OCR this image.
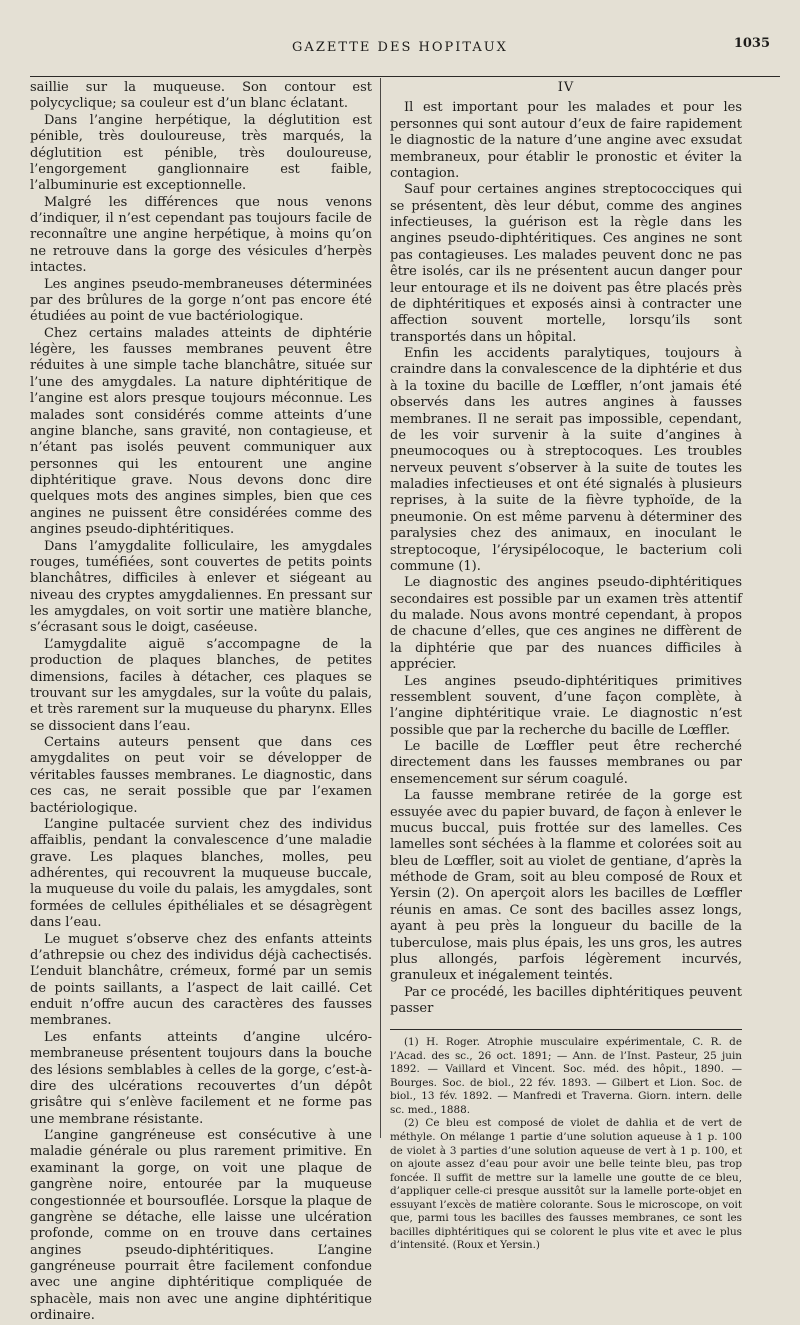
GAZETTE DES HOPITAUX	1035

saillie sur la muqueuse. Son contour est polycyclique; sa couleur est d’un blanc éclatant.

Dans l’angine herpétique, la déglutition est pénible, très douloureuse, très marqués, la déglutition est pénible, très douloureuse, l’engorgement ganglionnaire est faible, l’albuminurie est exceptionnelle.

Malgré les différences que nous venons d’indiquer, il n’est cependant pas toujours facile de reconnaître une angine herpétique, à moins qu’on ne retrouve dans la gorge des vésicules d’herpès intactes.

Les angines pseudo-membraneuses déterminées par des brûlures de la gorge n’ont pas encore été étudiées au point de vue bactériologique.

Chez certains malades atteints de diphtérie légère, les fausses membranes peuvent être réduites à une simple tache blanchâtre, située sur l’une des amygdales. La nature diphtéritique de l’angine est alors presque toujours méconnue. Les malades sont considérés comme atteints d’une angine blanche, sans gravité, non contagieuse, et n’étant pas isolés peuvent communiquer aux personnes qui les entourent une angine diphtéritique grave. Nous devons donc dire quelques mots des angines simples, bien que ces angines ne puissent être considérées comme des angines pseudo-diphtéritiques.

Dans l’amygdalite folliculaire, les amygdales rouges, tuméfiées, sont couvertes de petits points blanchâtres, difficiles à enlever et siégeant au niveau des cryptes amygdaliennes. En pressant sur les amygdales, on voit sortir une matière blanche, s’écrasant sous le doigt, caséeuse.

L’amygdalite aiguë s’accompagne de la production de plaques blanches, de petites dimensions, faciles à détacher, ces plaques se trouvant sur les amygdales, sur la voûte du palais, et très rarement sur la muqueuse du pharynx. Elles se dissocient dans l’eau.

Certains auteurs pensent que dans ces amygdalites on peut voir se développer de véritables fausses membranes. Le diagnostic, dans ces cas, ne serait possible que par l’examen bactériologique.

L’angine pultacée survient chez des individus affaiblis, pendant la convalescence d’une maladie grave. Les plaques blanches, molles, peu adhérentes, qui recouvrent la muqueuse buccale, la muqueuse du voile du palais, les amygdales, sont formées de cellules épithéliales et se désagrègent dans l’eau.

Le muguet s’observe chez des enfants atteints d’athrepsie ou chez des individus déjà cachectisés. L’enduit blanchâtre, crémeux, formé par un semis de points saillants, a l’aspect de lait caillé. Cet enduit n’offre aucun des caractères des fausses membranes.

Les enfants atteints d’angine ulcéro-membraneuse présentent toujours dans la bouche des lésions semblables à celles de la gorge, c’est-à-dire des ulcérations recouvertes d’un dépôt grisâtre qui s’enlève facilement et ne forme pas une membrane résistante.

L’angine gangréneuse est consécutive à une maladie générale ou plus rarement primitive. En examinant la gorge, on voit une plaque de gangrène noire, entourée par la muqueuse congestionnée et boursouflée. Lorsque la plaque de gangrène se détache, elle laisse une ulcération profonde, comme on en trouve dans certaines angines pseudo-diphtéritiques. L’angine gangréneuse pourrait être facilement confondue avec une angine diphtéritique compliquée de sphacèle, mais non avec une angine diphtéritique ordinaire.

IV

Il est important pour les malades et pour les personnes qui sont autour d’eux de faire rapidement le diagnostic de la nature d’une angine avec exsudat membraneux, pour établir le pronostic et éviter la contagion.

Sauf pour certaines angines streptococciques qui se présentent, dès leur début, comme des angines infectieuses, la guérison est la règle dans les angines pseudo-diphtéritiques. Ces angines ne sont pas contagieuses. Les malades peuvent donc ne pas être isolés, car ils ne présentent aucun danger pour leur entourage et ils ne doivent pas être placés près de diphtéritiques et exposés ainsi à contracter une affection souvent mortelle, lorsqu’ils sont transportés dans un hôpital.

Enfin les accidents paralytiques, toujours à craindre dans la convalescence de la diphtérie et dus à la toxine du bacille de Lœffler, n’ont jamais été observés dans les autres angines à fausses membranes. Il ne serait pas impossible, cependant, de les voir survenir à la suite d’angines à pneumocoques ou à streptocoques. Les troubles nerveux peuvent s’observer à la suite de toutes les maladies infectieuses et ont été signalés à plusieurs reprises, à la suite de la fièvre typhoïde, de la pneumonie. On est même parvenu à déterminer des paralysies chez des animaux, en inoculant le streptocoque, l’érysipélocoque, le bacterium coli commune (1).

Le diagnostic des angines pseudo-diphtéritiques secondaires est possible par un examen très attentif du malade. Nous avons montré cependant, à propos de chacune d’elles, que ces angines ne diffèrent de la diphtérie que par des nuances difficiles à apprécier.

Les angines pseudo-diphtéritiques primitives ressemblent souvent, d’une façon complète, à l’angine diphtéritique vraie. Le diagnostic n’est possible que par la recherche du bacille de Lœffler.

Le bacille de Lœffler peut être recherché directement dans les fausses membranes ou par ensemencement sur sérum coagulé.

La fausse membrane retirée de la gorge est essuyée avec du papier buvard, de façon à enlever le mucus buccal, puis frottée sur des lamelles. Ces lamelles sont séchées à la flamme et colorées soit au bleu de Lœffler, soit au violet de gentiane, d’après la méthode de Gram, soit au bleu composé de Roux et Yersin (2). On aperçoit alors les bacilles de Lœffler réunis en amas. Ce sont des bacilles assez longs, ayant à peu près la longueur du bacille de la tuberculose, mais plus épais, les uns gros, les autres plus allongés, parfois légèrement incurvés, granuleux et inégalement teintés.

Par ce procédé, les bacilles diphtéritiques peuvent passer

(1) H. Roger. Atrophie musculaire expérimentale, C. R. de l’Acad. des sc., 26 oct. 1891; — Ann. de l’Inst. Pasteur, 25 juin 1892. — Vaillard et Vincent. Soc. méd. des hôpit., 1890. — Bourges. Soc. de biol., 22 fév. 1893. — Gilbert et Lion. Soc. de biol., 13 fév. 1892. — Manfredi et Traverna. Giorn. intern. delle sc. med., 1888.

(2) Ce bleu est composé de violet de dahlia et de vert de méthyle. On mélange 1 partie d’une solution aqueuse à 1 p. 100 de violet à 3 parties d’une solution aqueuse de vert à 1 p. 100, et on ajoute assez d’eau pour avoir une belle teinte bleu, pas trop foncée. Il suffit de mettre sur la lamelle une goutte de ce bleu, d’appliquer celle-ci presque aussitôt sur la lamelle porte-objet en essuyant l’excès de matière colorante. Sous le microscope, on voit que, parmi tous les bacilles des fausses membranes, ce sont les bacilles diphtéritiques qui se colorent le plus vite et avec le plus d’intensité. (Roux et Yersin.)
